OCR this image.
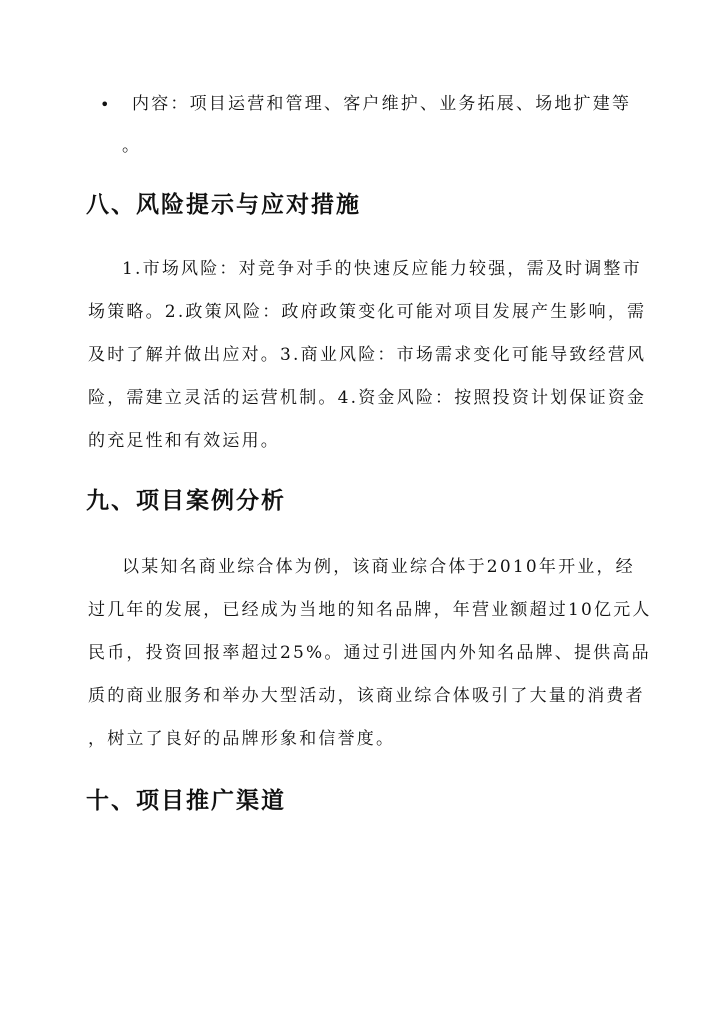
• 内容：项目运营和管理、客户维护、业务拓展、场地扩建等
。
八、风险提示与应对措施
1.市场风险：对竞争对手的快速反应能力较强，需及时调整市
场策略。2.政策风险：政府政策变化可能对项目发展产生影响，需
及时了解并做出应对。3.商业风险：市场需求变化可能导致经营风
险，需建立灵活的运营机制。4.资金风险：按照投资计划保证资金
的充足性和有效运用。
九、项目案例分析
以某知名商业综合体为例，该商业综合体于2010年开业，经
过几年的发展，已经成为当地的知名品牌，年营业额超过10亿元人
民币，投资回报率超过25%。通过引进国内外知名品牌、提供高品
质的商业服务和举办大型活动，该商业综合体吸引了大量的消费者
，树立了良好的品牌形象和信誉度。
十、项目推广渠道
